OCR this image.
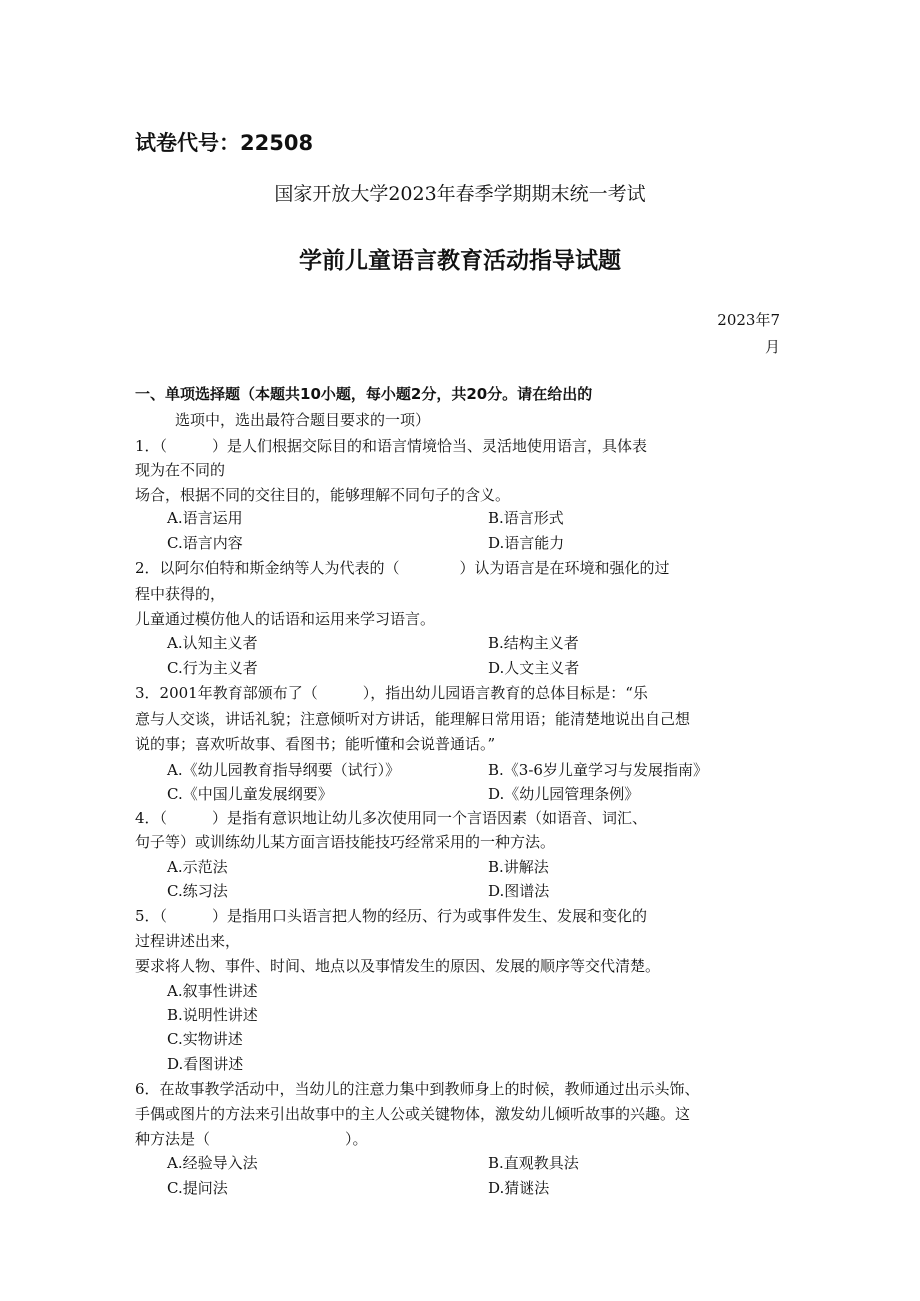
试卷代号：22508
国家开放大学2023年春季学期期末统一考试
学前儿童语言教育活动指导试题
2023年7
月
一、单项选择题（本题共10小题，每小题2分，共20分。请在给出的
选项中，选出最符合题目要求的一项）
1．（　　　）是人们根据交际目的和语言情境恰当、灵活地使用语言，具体表
现为在不同的
场合，根据不同的交往目的，能够理解不同句子的含义。
A.语言运用	B.语言形式
C.语言内容	D.语言能力
2．以阿尔伯特和斯金纳等人为代表的（　　　　）认为语言是在环境和强化的过
程中获得的，
儿童通过模仿他人的话语和运用来学习语言。
A.认知主义者	B.结构主义者
C.行为主义者	D.人文主义者
3．2001年教育部颁布了（　　　），指出幼儿园语言教育的总体目标是：“乐
意与人交谈，讲话礼貌；注意倾听对方讲话，能理解日常用语；能清楚地说出自己想
说的事；喜欢听故事、看图书；能听懂和会说普通话。”
A.《幼儿园教育指导纲要（试行）》	B.《3-6岁儿童学习与发展指南》
C.《中国儿童发展纲要》	D.《幼儿园管理条例》
4．（　　　）是指有意识地让幼儿多次使用同一个言语因素（如语音、词汇、
句子等）或训练幼儿某方面言语技能技巧经常采用的一种方法。
A.示范法	B.讲解法
C.练习法	D.图谱法
5．（　　　）是指用口头语言把人物的经历、行为或事件发生、发展和变化的
过程讲述出来，
要求将人物、事件、时间、地点以及事情发生的原因、发展的顺序等交代清楚。
A.叙事性讲述
B.说明性讲述
C.实物讲述
D.看图讲述
6．在故事教学活动中，当幼儿的注意力集中到教师身上的时候，教师通过出示头饰、
手偶或图片的方法来引出故事中的主人公或关键物体，激发幼儿倾听故事的兴趣。这
种方法是（　　　　　　　　　）。
A.经验导入法	B.直观教具法
C.提问法	D.猜谜法
